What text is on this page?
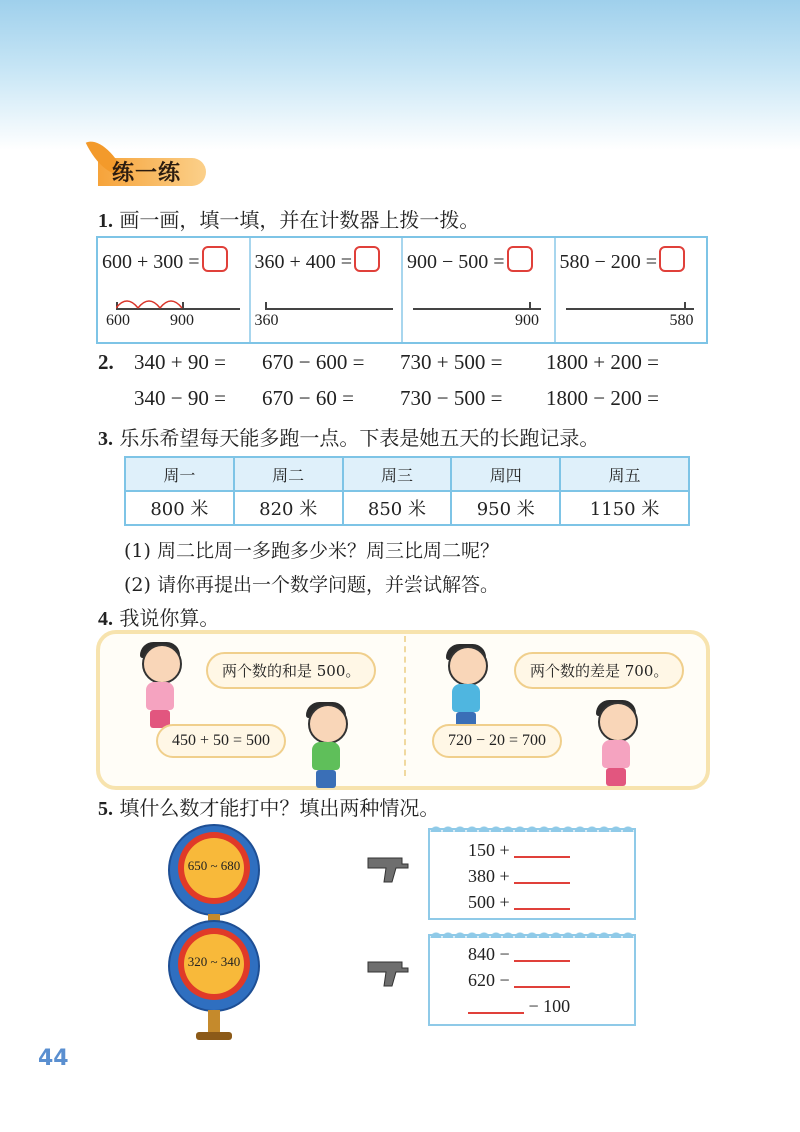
练一练
1. 画一画，填一填，并在计数器上拨一拨。
600 + 300 =
600	900
360 + 400 =
360
900 − 500 =
900
580 − 200 =
580
2. 340 + 90 = 670 − 600 = 730 + 500 = 1800 + 200 =
340 − 90 = 670 − 60 = 730 − 500 = 1800 − 200 =
3. 乐乐希望每天能多跑一点。下表是她五天的长跑记录。
周一	周二	周三	周四	周五
800 米	820 米	850 米	950 米	1150 米
(1) 周二比周一多跑多少米？周三比周二呢？
(2) 请你再提出一个数学问题，并尝试解答。
4. 我说你算。
两个数的和是 500。
450 + 50 = 500
两个数的差是 700。
720 − 20 = 700
5. 填什么数才能打中？填出两种情况。
650 ~ 680
150 +
380 +
500 +
320 ~ 340	840 −
620 −
− 100
44
